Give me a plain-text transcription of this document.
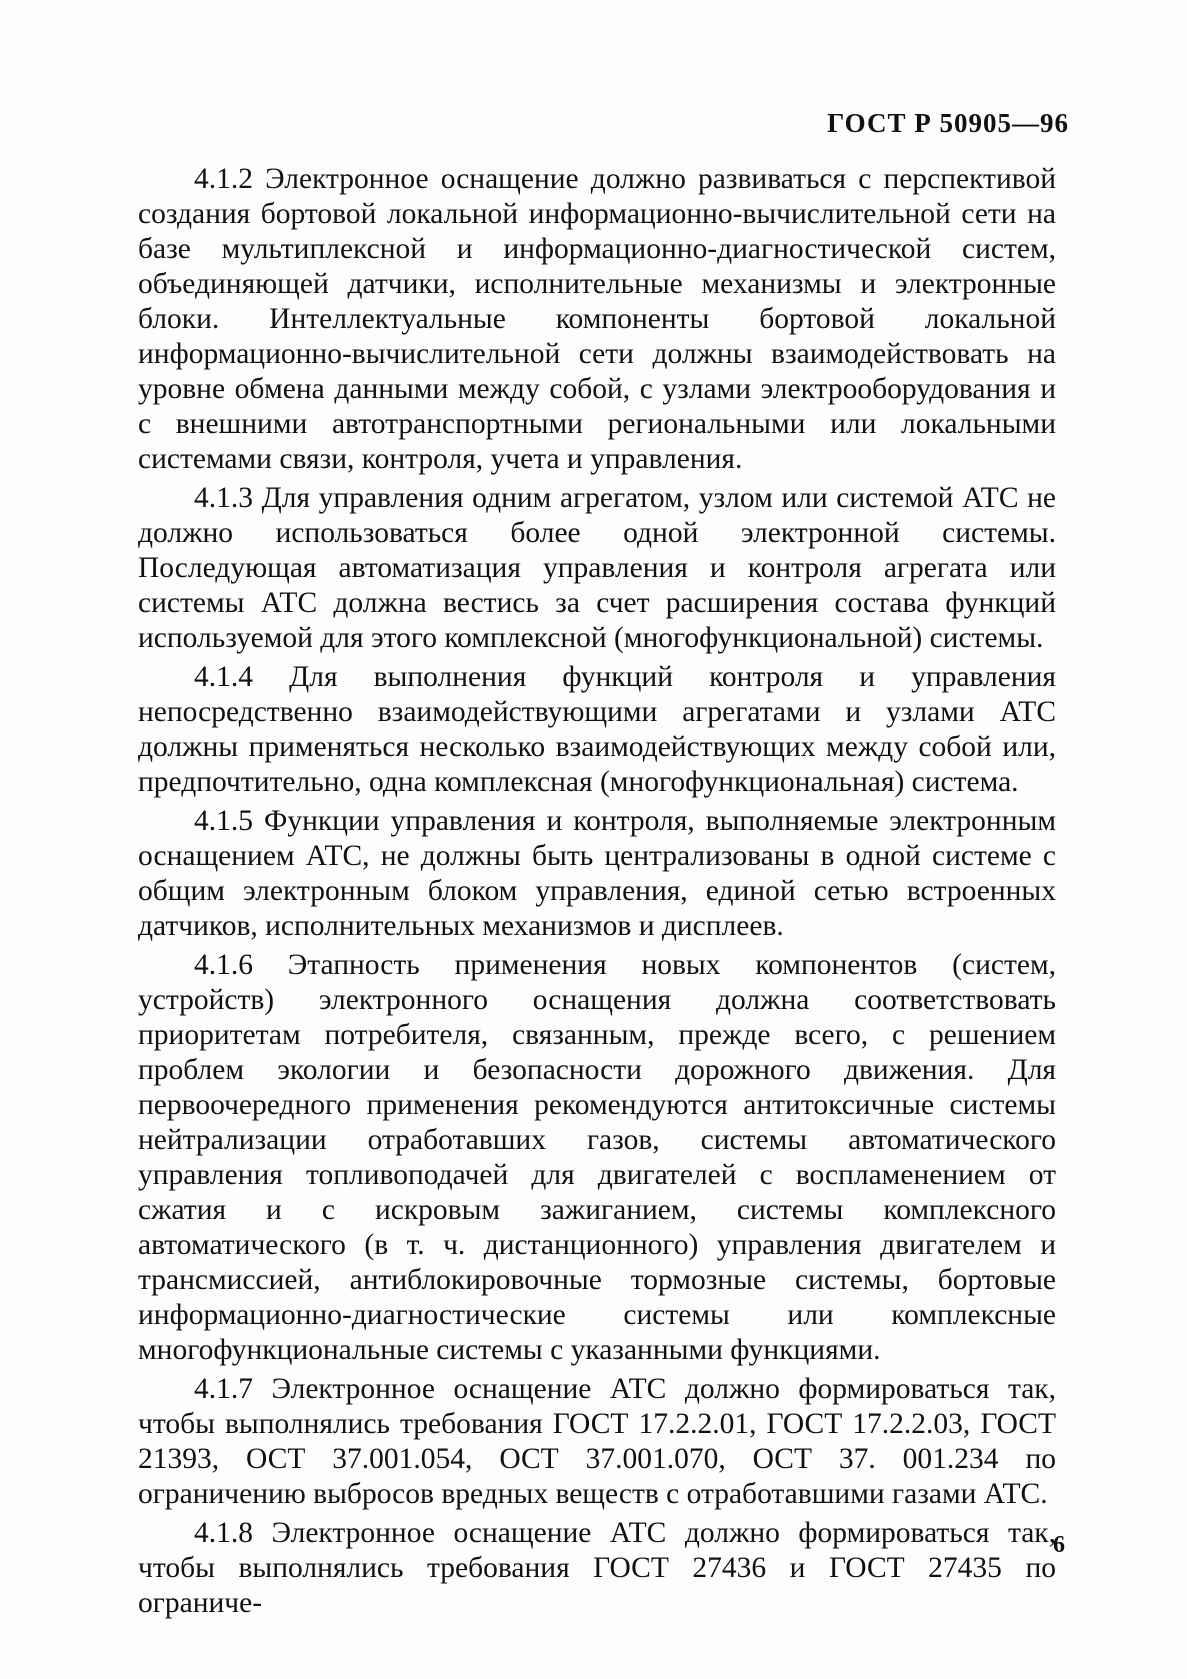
ГОСТ Р 50905—96

4.1.2 Электронное оснащение должно развиваться с перспективой создания бортовой локальной информационно-вычислительной сети на базе мультиплексной и информационно-диагностической систем, объединяющей датчики, исполнительные механизмы и электронные блоки. Интеллектуальные компоненты бортовой локальной информационно-вычислительной сети должны взаимодействовать на уровне обмена данными между собой, с узлами электрооборудования и с внешними автотранспортными региональными или локальными системами связи, контроля, учета и управления.

4.1.3 Для управления одним агрегатом, узлом или системой АТС не должно использоваться более одной электронной системы. Последующая автоматизация управления и контроля агрегата или системы АТС должна вестись за счет расширения состава функций используемой для этого комплексной (многофункциональной) системы.

4.1.4 Для выполнения функций контроля и управления непосредственно взаимодействующими агрегатами и узлами АТС должны применяться несколько взаимодействующих между собой или, предпочтительно, одна комплексная (многофункциональная) система.

4.1.5 Функции управления и контроля, выполняемые электронным оснащением АТС, не должны быть централизованы в одной системе с общим электронным блоком управления, единой сетью встроенных датчиков, исполнительных механизмов и дисплеев.

4.1.6 Этапность применения новых компонентов (систем, устройств) электронного оснащения должна соответствовать приоритетам потребителя, связанным, прежде всего, с решением проблем экологии и безопасности дорожного движения. Для первоочередного применения рекомендуются антитоксичные системы нейтрализации отработавших газов, системы автоматического управления топливоподачей для двигателей с воспламенением от сжатия и с искровым зажиганием, системы комплексного автоматического (в т. ч. дистанционного) управления двигателем и трансмиссией, антиблокировочные тормозные системы, бортовые информационно-диагностические системы или комплексные многофункциональные системы с указанными функциями.

4.1.7 Электронное оснащение АТС должно формироваться так, чтобы выполнялись требования ГОСТ 17.2.2.01, ГОСТ 17.2.2.03, ГОСТ 21393, ОСТ 37.001.054, ОСТ 37.001.070, ОСТ 37. 001.234 по ограничению выбросов вредных веществ с отработавшими газами АТС.

4.1.8 Электронное оснащение АТС должно формироваться так, чтобы выполнялись требования ГОСТ 27436 и ГОСТ 27435 по ограниче-

6
